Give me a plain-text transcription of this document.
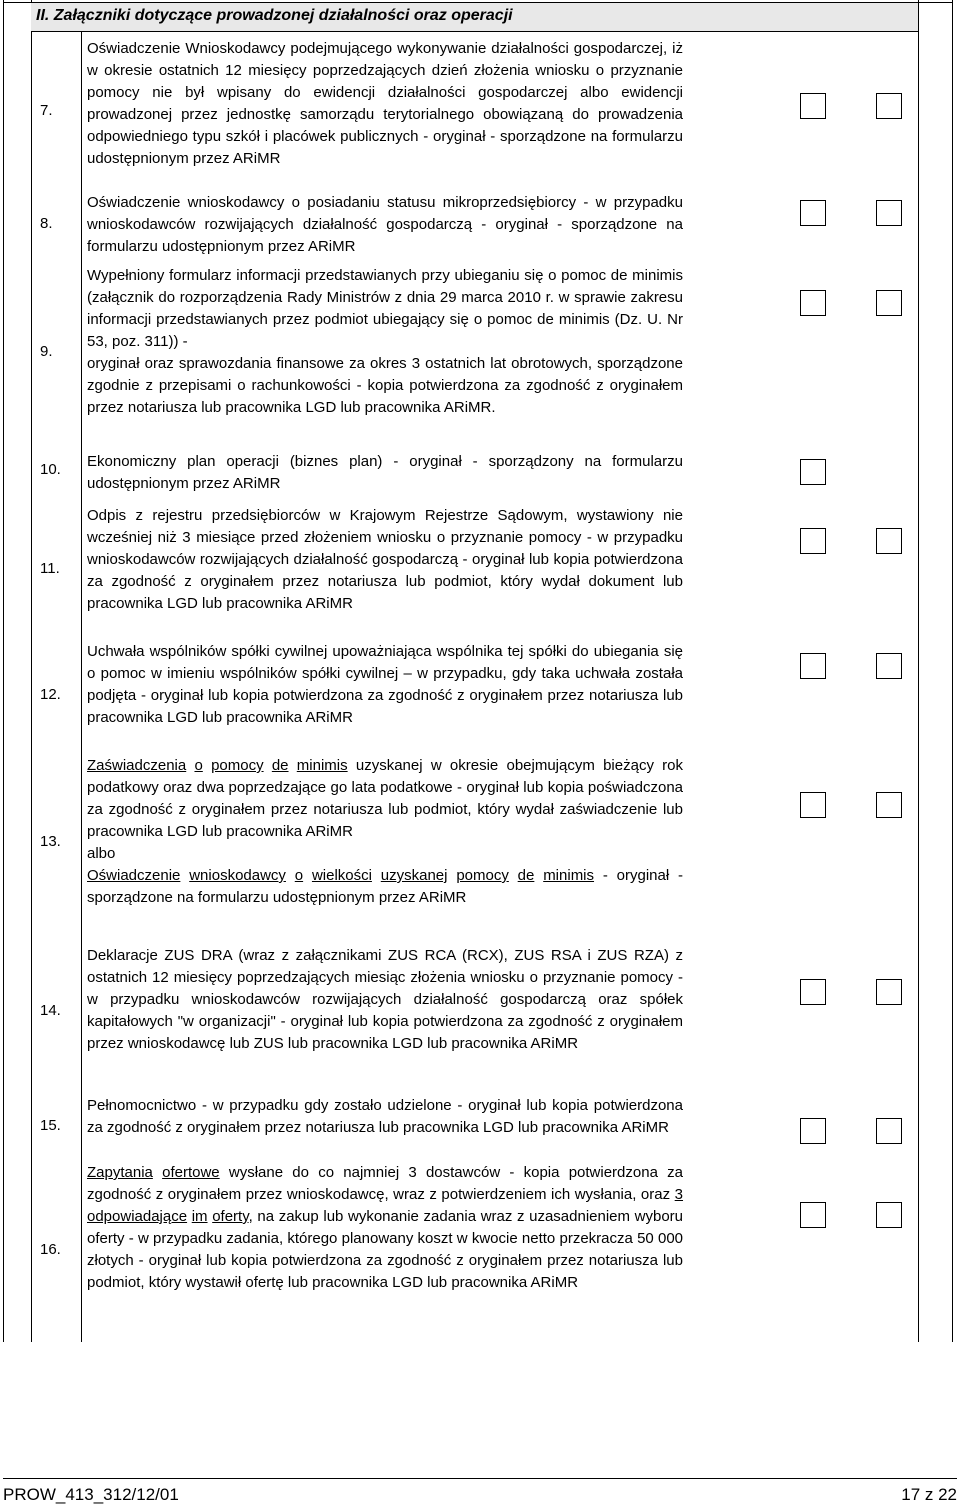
II. Załączniki dotyczące prowadzonej działalności oraz operacji
7.
Oświadczenie Wnioskodawcy podejmującego wykonywanie działalności gospodarczej, iż w okresie ostatnich 12 miesięcy poprzedzających dzień złożenia wniosku o przyznanie pomocy nie był wpisany do ewidencji działalności gospodarczej albo ewidencji prowadzonej przez jednostkę samorządu terytorialnego obowiązaną do prowadzenia odpowiedniego typu szkół i placówek publicznych - oryginał - sporządzone na formularzu udostępnionym przez ARiMR
8.
Oświadczenie wnioskodawcy o posiadaniu statusu mikroprzedsiębiorcy - w przypadku wnioskodawców rozwijających działalność gospodarczą - oryginał - sporządzone na formularzu udostępnionym przez ARiMR
9.

Wypełniony formularz informacji przedstawianych przy ubieganiu się o pomoc de minimis (załącznik do rozporządzenia Rady Ministrów z dnia 29 marca 2010 r. w sprawie zakresu informacji przedstawianych przez podmiot ubiegający się o pomoc de minimis (Dz. U. Nr 53, poz. 311)) -

oryginał oraz sprawozdania finansowe za okres 3 ostatnich lat obrotowych, sporządzone zgodnie z przepisami o rachunkowości - kopia potwierdzona za zgodność z oryginałem przez notariusza lub pracownika LGD lub pracownika ARiMR.

10.	Ekonomiczny plan operacji (biznes plan) - oryginał - sporządzony na formularzu udostępnionym przez ARiMR
11.
Odpis z rejestru przedsiębiorców w Krajowym Rejestrze Sądowym, wystawiony nie wcześniej niż 3 miesiące przed złożeniem wniosku o przyznanie pomocy - w przypadku wnioskodawców rozwijających działalność gospodarczą - oryginał lub kopia potwierdzona za zgodność z oryginałem przez notariusza lub podmiot, który wydał dokument lub pracownika LGD lub pracownika ARiMR
12.
Uchwała wspólników spółki cywilnej upoważniająca wspólnika tej spółki do ubiegania się o pomoc w imieniu wspólników spółki cywilnej – w przypadku, gdy taka uchwała została podjęta - oryginał lub kopia potwierdzona za zgodność z oryginałem przez notariusza lub pracownika LGD lub pracownika ARiMR
13.

Zaświadczenia o pomocy de minimis uzyskanej w okresie obejmującym bieżący rok podatkowy oraz dwa poprzedzające go lata podatkowe - oryginał lub kopia poświadczona za zgodność z oryginałem przez notariusza lub podmiot, który wydał zaświadczenie lub pracownika LGD lub pracownika ARiMR

albo

Oświadczenie wnioskodawcy o wielkości uzyskanej pomocy de minimis - oryginał - sporządzone na formularzu udostępnionym przez ARiMR

14.
Deklaracje ZUS DRA (wraz z załącznikami ZUS RCA (RCX), ZUS RSA i ZUS RZA) z ostatnich 12 miesięcy poprzedzających miesiąc złożenia wniosku o przyznanie pomocy - w przypadku wnioskodawców rozwijających działalność gospodarczą oraz spółek kapitałowych "w organizacji" - oryginał lub kopia potwierdzona za zgodność z oryginałem przez wnioskodawcę lub ZUS lub pracownika LGD lub pracownika ARiMR
15.
Pełnomocnictwo - w przypadku gdy zostało udzielone - oryginał lub kopia potwierdzona za zgodność z oryginałem przez notariusza lub pracownika LGD lub pracownika ARiMR
16.

Zapytania ofertowe wysłane do co najmniej 3 dostawców - kopia potwierdzona za zgodność z oryginałem przez wnioskodawcę, wraz z potwierdzeniem ich wysłania, oraz 3 odpowiadające im oferty, na zakup lub wykonanie zadania wraz z uzasadnieniem wyboru oferty - w przypadku zadania, którego planowany koszt w kwocie netto przekracza 50 000 złotych - oryginał lub kopia potwierdzona za zgodność z oryginałem przez notariusza lub podmiot, który wystawił ofertę lub pracownika LGD lub pracownika ARiMR

PROW_413_312/12/01	17 z 22
